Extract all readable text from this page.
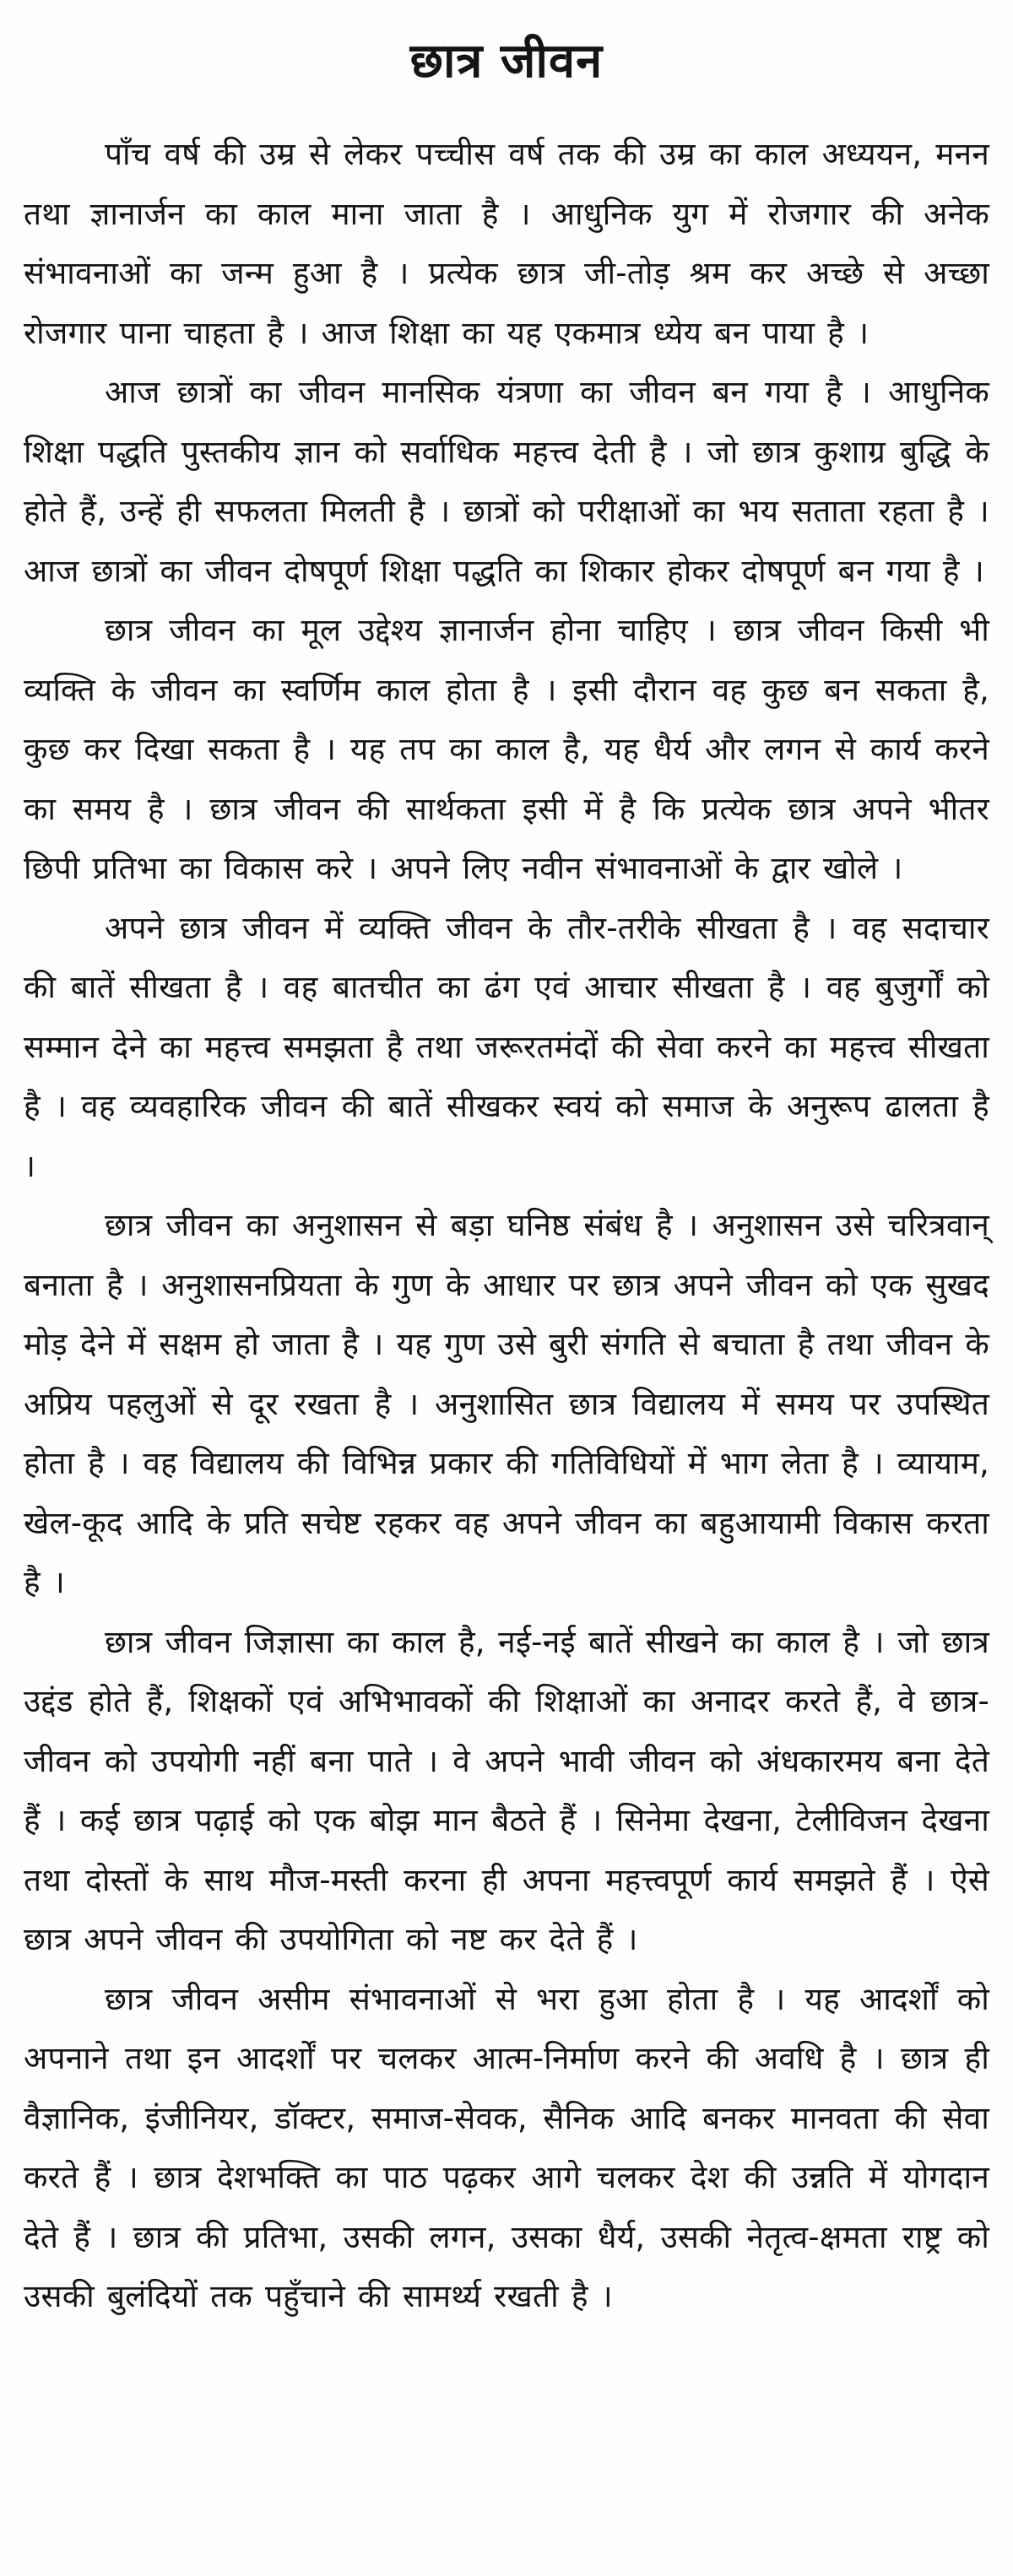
छात्र जीवन

पाँच वर्ष की उम्र से लेकर पच्चीस वर्ष तक की उम्र का काल अध्ययन, मनन तथा ज्ञानार्जन का काल माना जाता है । आधुनिक युग में रोजगार की अनेक संभावनाओं का जन्म हुआ है । प्रत्येक छात्र जी-तोड़ श्रम कर अच्छे से अच्छा रोजगार पाना चाहता है । आज शिक्षा का यह एकमात्र ध्येय बन पाया है ।

आज छात्रों का जीवन मानसिक यंत्रणा का जीवन बन गया है । आधुनिक शिक्षा पद्धति पुस्तकीय ज्ञान को सर्वाधिक महत्त्व देती है । जो छात्र कुशाग्र बुद्धि के होते हैं, उन्हें ही सफलता मिलती है । छात्रों को परीक्षाओं का भय सताता रहता है । आज छात्रों का जीवन दोषपूर्ण शिक्षा पद्धति का शिकार होकर दोषपूर्ण बन गया है ।

छात्र जीवन का मूल उद्देश्य ज्ञानार्जन होना चाहिए । छात्र जीवन किसी भी व्यक्ति के जीवन का स्वर्णिम काल होता है । इसी दौरान वह कुछ बन सकता है, कुछ कर दिखा सकता है । यह तप का काल है, यह धैर्य और लगन से कार्य करने का समय है । छात्र जीवन की सार्थकता इसी में है कि प्रत्येक छात्र अपने भीतर छिपी प्रतिभा का विकास करे । अपने लिए नवीन संभावनाओं के द्वार खोले ।

अपने छात्र जीवन में व्यक्ति जीवन के तौर-तरीके सीखता है । वह सदाचार की बातें सीखता है । वह बातचीत का ढंग एवं आचार सीखता है । वह बुजुर्गों को सम्मान देने का महत्त्व समझता है तथा जरूरतमंदों की सेवा करने का महत्त्व सीखता है । वह व्यवहारिक जीवन की बातें सीखकर स्वयं को समाज के अनुरूप ढालता है ।

छात्र जीवन का अनुशासन से बड़ा घनिष्ठ संबंध है । अनुशासन उसे चरित्रवान् बनाता है । अनुशासनप्रियता के गुण के आधार पर छात्र अपने जीवन को एक सुखद मोड़ देने में सक्षम हो जाता है । यह गुण उसे बुरी संगति से बचाता है तथा जीवन के अप्रिय पहलुओं से दूर रखता है । अनुशासित छात्र विद्यालय में समय पर उपस्थित होता है । वह विद्यालय की विभिन्न प्रकार की गतिविधियों में भाग लेता है । व्यायाम, खेल-कूद आदि के प्रति सचेष्ट रहकर वह अपने जीवन का बहुआयामी विकास करता है ।

छात्र जीवन जिज्ञासा का काल है, नई-नई बातें सीखने का काल है । जो छात्र उद्दंड होते हैं, शिक्षकों एवं अभिभावकों की शिक्षाओं का अनादर करते हैं, वे छात्र-जीवन को उपयोगी नहीं बना पाते । वे अपने भावी जीवन को अंधकारमय बना देते हैं । कई छात्र पढ़ाई को एक बोझ मान बैठते हैं । सिनेमा देखना, टेलीविजन देखना तथा दोस्तों के साथ मौज-मस्ती करना ही अपना महत्त्वपूर्ण कार्य समझते हैं । ऐसे छात्र अपने जीवन की उपयोगिता को नष्ट कर देते हैं ।

छात्र जीवन असीम संभावनाओं से भरा हुआ होता है । यह आदर्शों को अपनाने तथा इन आदर्शों पर चलकर आत्म-निर्माण करने की अवधि है । छात्र ही वैज्ञानिक, इंजीनियर, डॉक्टर, समाज-सेवक, सैनिक आदि बनकर मानवता की सेवा करते हैं । छात्र देशभक्ति का पाठ पढ़कर आगे चलकर देश की उन्नति में योगदान देते हैं । छात्र की प्रतिभा, उसकी लगन, उसका धैर्य, उसकी नेतृत्व-क्षमता राष्ट्र को उसकी बुलंदियों तक पहुँचाने की सामर्थ्य रखती है ।
